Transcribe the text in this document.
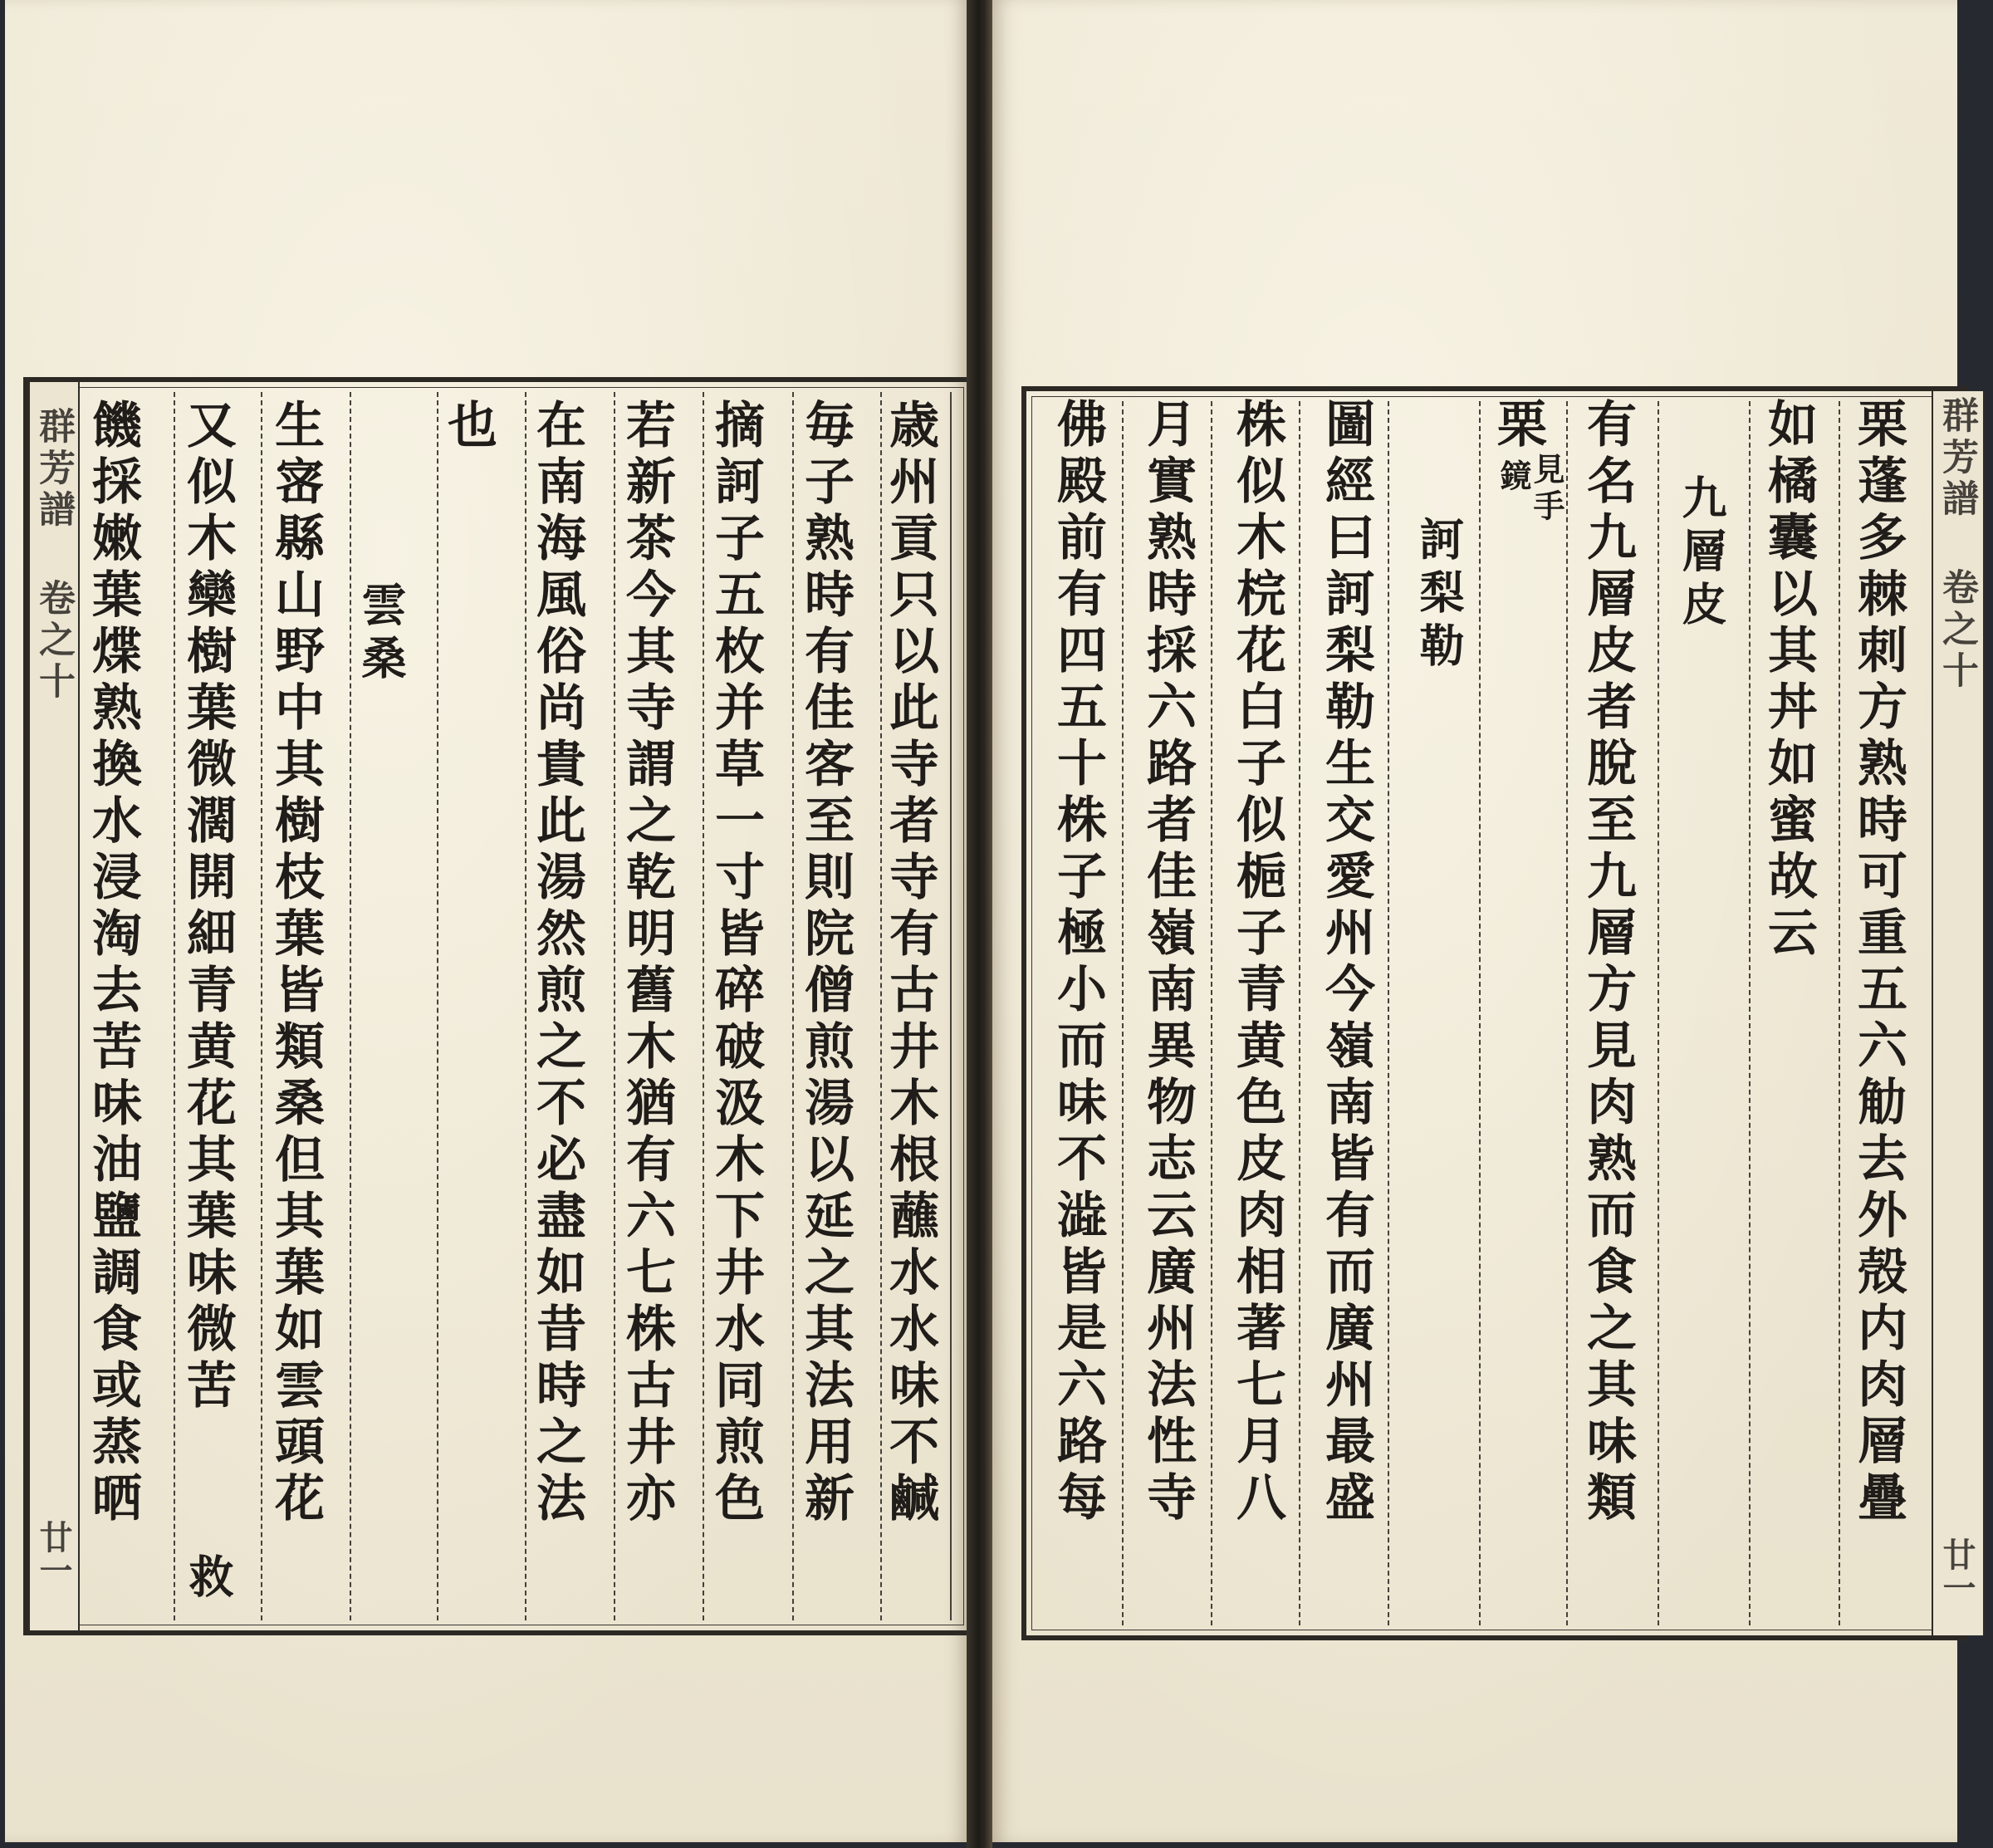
群芳譜 卷之十
廿一
歳州貢只以此寺者寺有古井木根蘸水水味不鹹
毎子熟時有佳客至則院僧煎湯以延之其法用新
摘訶子五枚并草一寸皆碎破汲木下井水同煎色
若新茶今其寺謂之乾明舊木猶有六七株古井亦
在南海風俗尚貴此湯然煎之不必盡如昔時之法
也
雲桑
生宻縣山野中其樹枝葉皆類桑但其葉如雲頭花
又似木欒樹葉微濶開細青黄花其葉味微苦
救
饑採嫩葉煠熟換水浸淘去苦味油鹽調食或蒸晒	群芳譜 卷之十
廿一
栗蓬多棘刺方熟時可重五六觔去外殻内肉層疊
如橘囊以其丼如蜜故云
九層皮
有名九層皮者脫至九層方見肉熟而食之其味類
栗
見手
鏡
訶梨勒
圖經曰訶梨勒生交愛州今嶺南皆有而廣州最盛
株似木梡花白子似梔子青黄色皮肉相著七月八
月實熟時採六路者佳嶺南異物志云廣州法性寺
佛殿前有四五十株子極小而味不澁皆是六路每
